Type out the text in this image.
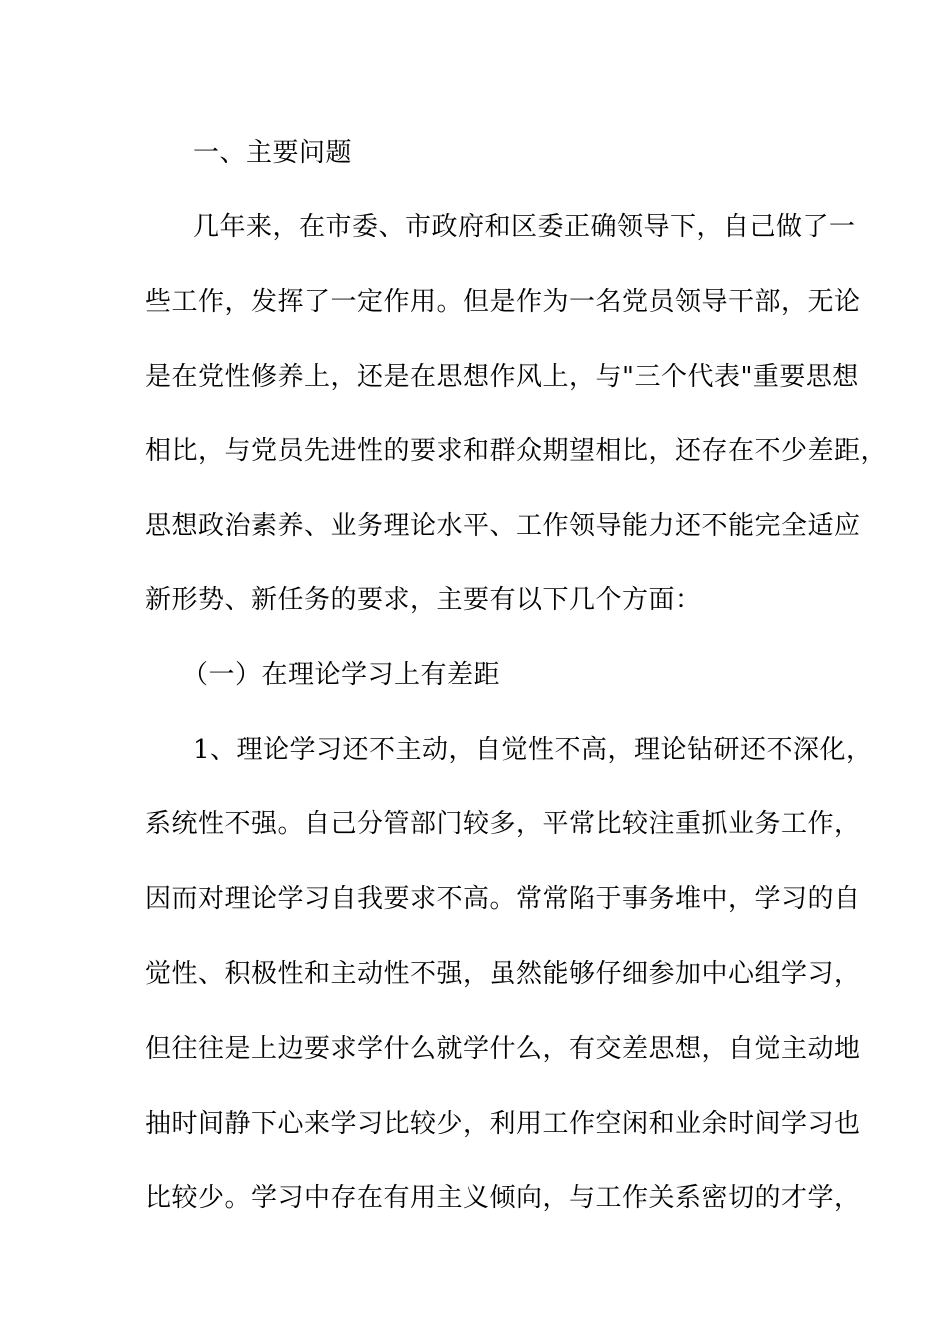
一、主要问题
几年来，在市委、市政府和区委正确领导下，自己做了一
些工作，发挥了一定作用。但是作为一名党员领导干部，无论
是在党性修养上，还是在思想作风上，与"三个代表"重要思想
相比，与党员先进性的要求和群众期望相比，还存在不少差距，
思想政治素养、业务理论水平、工作领导能力还不能完全适应
新形势、新任务的要求，主要有以下几个方面：
（一）在理论学习上有差距
1、理论学习还不主动，自觉性不高，理论钻研还不深化，
系统性不强。自己分管部门较多，平常比较注重抓业务工作，
因而对理论学习自我要求不高。常常陷于事务堆中，学习的自
觉性、积极性和主动性不强，虽然能够仔细参加中心组学习，
但往往是上边要求学什么就学什么，有交差思想，自觉主动地
抽时间静下心来学习比较少，利用工作空闲和业余时间学习也
比较少。学习中存在有用主义倾向，与工作关系密切的才学，
